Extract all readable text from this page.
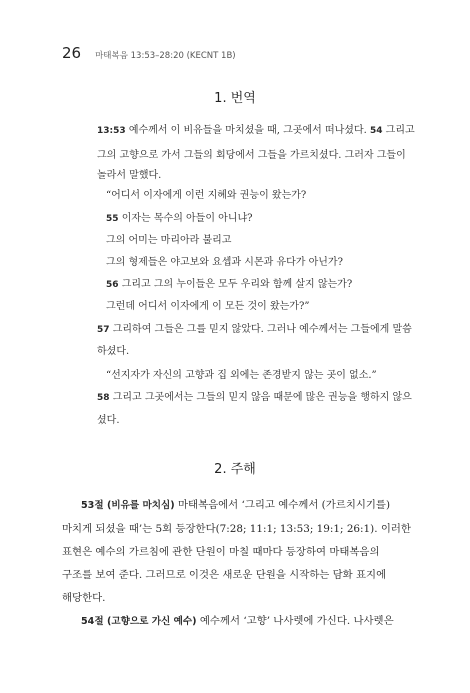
26 마태복음 13:53–28:20 (KECNT 1B)
1. 번역
13:53 예수께서 이 비유들을 마치셨을 때, 그곳에서 떠나셨다. 54 그리고
그의 고향으로 가서 그들의 회당에서 그들을 가르치셨다. 그러자 그들이
놀라서 말했다.
“어디서 이자에게 이런 지혜와 권능이 왔는가?
55 이자는 목수의 아들이 아니냐?
그의 어미는 마리아라 불리고
그의 형제들은 야고보와 요셉과 시몬과 유다가 아닌가?
56 그리고 그의 누이들은 모두 우리와 함께 살지 않는가?
그런데 어디서 이자에게 이 모든 것이 왔는가?”
57 그리하여 그들은 그를 믿지 않았다. 그러나 예수께서는 그들에게 말씀
하셨다.
“선지자가 자신의 고향과 집 외에는 존경받지 않는 곳이 없소.”
58 그리고 그곳에서는 그들의 믿지 않음 때문에 많은 권능을 행하지 않으
셨다.
2. 주해
53절 (비유를 마치심) 마태복음에서 ‘그리고 예수께서 (가르치시기를)
마치게 되셨을 때’는 5회 등장한다(7:28; 11:1; 13:53; 19:1; 26:1). 이러한
표현은 예수의 가르침에 관한 단원이 마칠 때마다 등장하여 마태복음의
구조를 보여 준다. 그러므로 이것은 새로운 단원을 시작하는 담화 표지에
해당한다.
54절 (고향으로 가신 예수) 예수께서 ‘고향’ 나사렛에 가신다. 나사렛은
